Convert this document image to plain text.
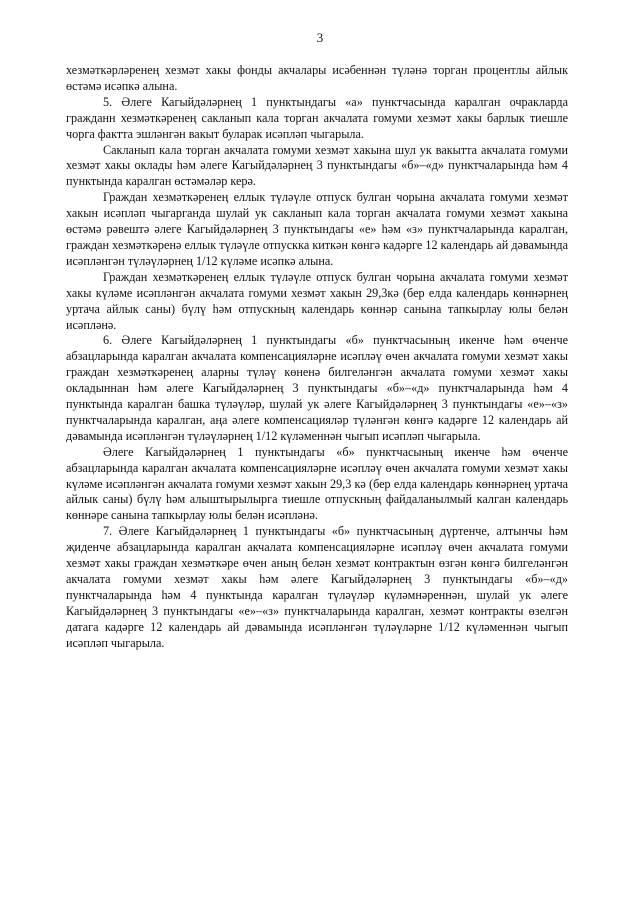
3

хезмәткәрләренең хезмәт хакы фонды акчалары исәбеннән түләнә торган процентлы айлык өстәмә исәпкә алына.

5. Әлеге Кагыйдәләрнең 1 пунктындагы «а» пунктчасында каралган очракларда гражданн хезмәткәренең сакланып кала торган акчалата гомуми хезмәт хакы барлык тиешле чорга фактта эшләнгән вакыт буларак исәпләп чыгарыла.

Сакланып кала торган акчалата гомуми хезмәт хакына шул ук вакытта акчалата гомуми хезмәт хакы оклады һәм әлеге Кагыйдәләрнең 3 пунктындагы «б»–«д» пунктчаларында һәм 4 пунктында каралган өстәмәләр керә.

Граждан хезмәткәренең еллык түләүле отпуск булган чорына акчалата гомуми хезмәт хакын исәпләп чыгарганда шулай ук сакланып кала торган акчалата гомуми хезмәт хакына өстәмә рәвештә әлеге Кагыйдәләрнең 3 пунктындагы «е» һәм «з» пунктчаларында каралган, граждан хезмәткәренә еллык түләүле отпускка киткән көнгә кадәрге 12 календарь ай дәвамында исәпләнгән түләүләрнең 1/12 күләме исәпкә алына.

Граждан хезмәткәренең еллык түләүле отпуск булган чорына акчалата гомуми хезмәт хакы күләме исәпләнгән акчалата гомуми хезмәт хакын 29,3кә (бер елда календарь көннәрнең уртача айлык саны) бүлү һәм отпускның календарь көннәр санына тапкырлау юлы белән исәпләнә.

6. Әлеге Кагыйдәләрнең 1 пунктындагы «б» пунктчасының икенче һәм өченче абзацларында каралган акчалата компенсацияләрне исәпләү өчен акчалата гомуми хезмәт хакы граждан хезмәткәренең аларны түләү көненә билгеләнгән акчалата гомуми хезмәт хакы окладыннан һәм әлеге Кагыйдәләрнең 3 пунктындагы «б»–«д» пунктчаларында һәм 4 пунктында каралган башка түләүләр, шулай ук әлеге Кагыйдәләрнең 3 пунктындагы «е»–«з» пунктчаларында каралган, аңа әлеге компенсацияләр түләнгән көнгә кадәрге 12 календарь ай дәвамында исәпләнгән түләүләрнең 1/12 күләменнән чыгып исәпләп чыгарыла.

Әлеге Кагыйдәләрнең 1 пунктындагы «б» пунктчасының икенче һәм өченче абзацларында каралган акчалата компенсацияләрне исәпләү өчен акчалата гомуми хезмәт хакы күләме исәпләнгән акчалата гомуми хезмәт хакын 29,3 кә (бер елда календарь көннәрнең уртача айлык саны) бүлү һәм алыштырылырга тиешле отпускның файдаланылмый калган календарь көннәре санына тапкырлау юлы белән исәпләнә.

7. Әлеге Кагыйдәләрнең 1 пунктындагы «б» пунктчасының дүртенче, алтынчы һәм җиденче абзацларында каралган акчалата компенсацияләрне исәпләү өчен акчалата гомуми хезмәт хакы граждан хезмәткәре өчен аның белән хезмәт контрактын өзгән көнгә билгеләнгән акчалата гомуми хезмәт хакы һәм әлеге Кагыйдәләрнең 3 пунктындагы «б»–«д» пунктчаларында һәм 4 пунктында каралган түләүләр күләмнәреннән, шулай ук әлеге Кагыйдәләрнең 3 пунктындагы «е»–«з» пунктчаларында каралган, хезмәт контракты өзелгән датага кадәрге 12 календарь ай дәвамында исәпләнгән түләүләрне 1/12 күләменнән чыгып исәпләп чыгарыла.
